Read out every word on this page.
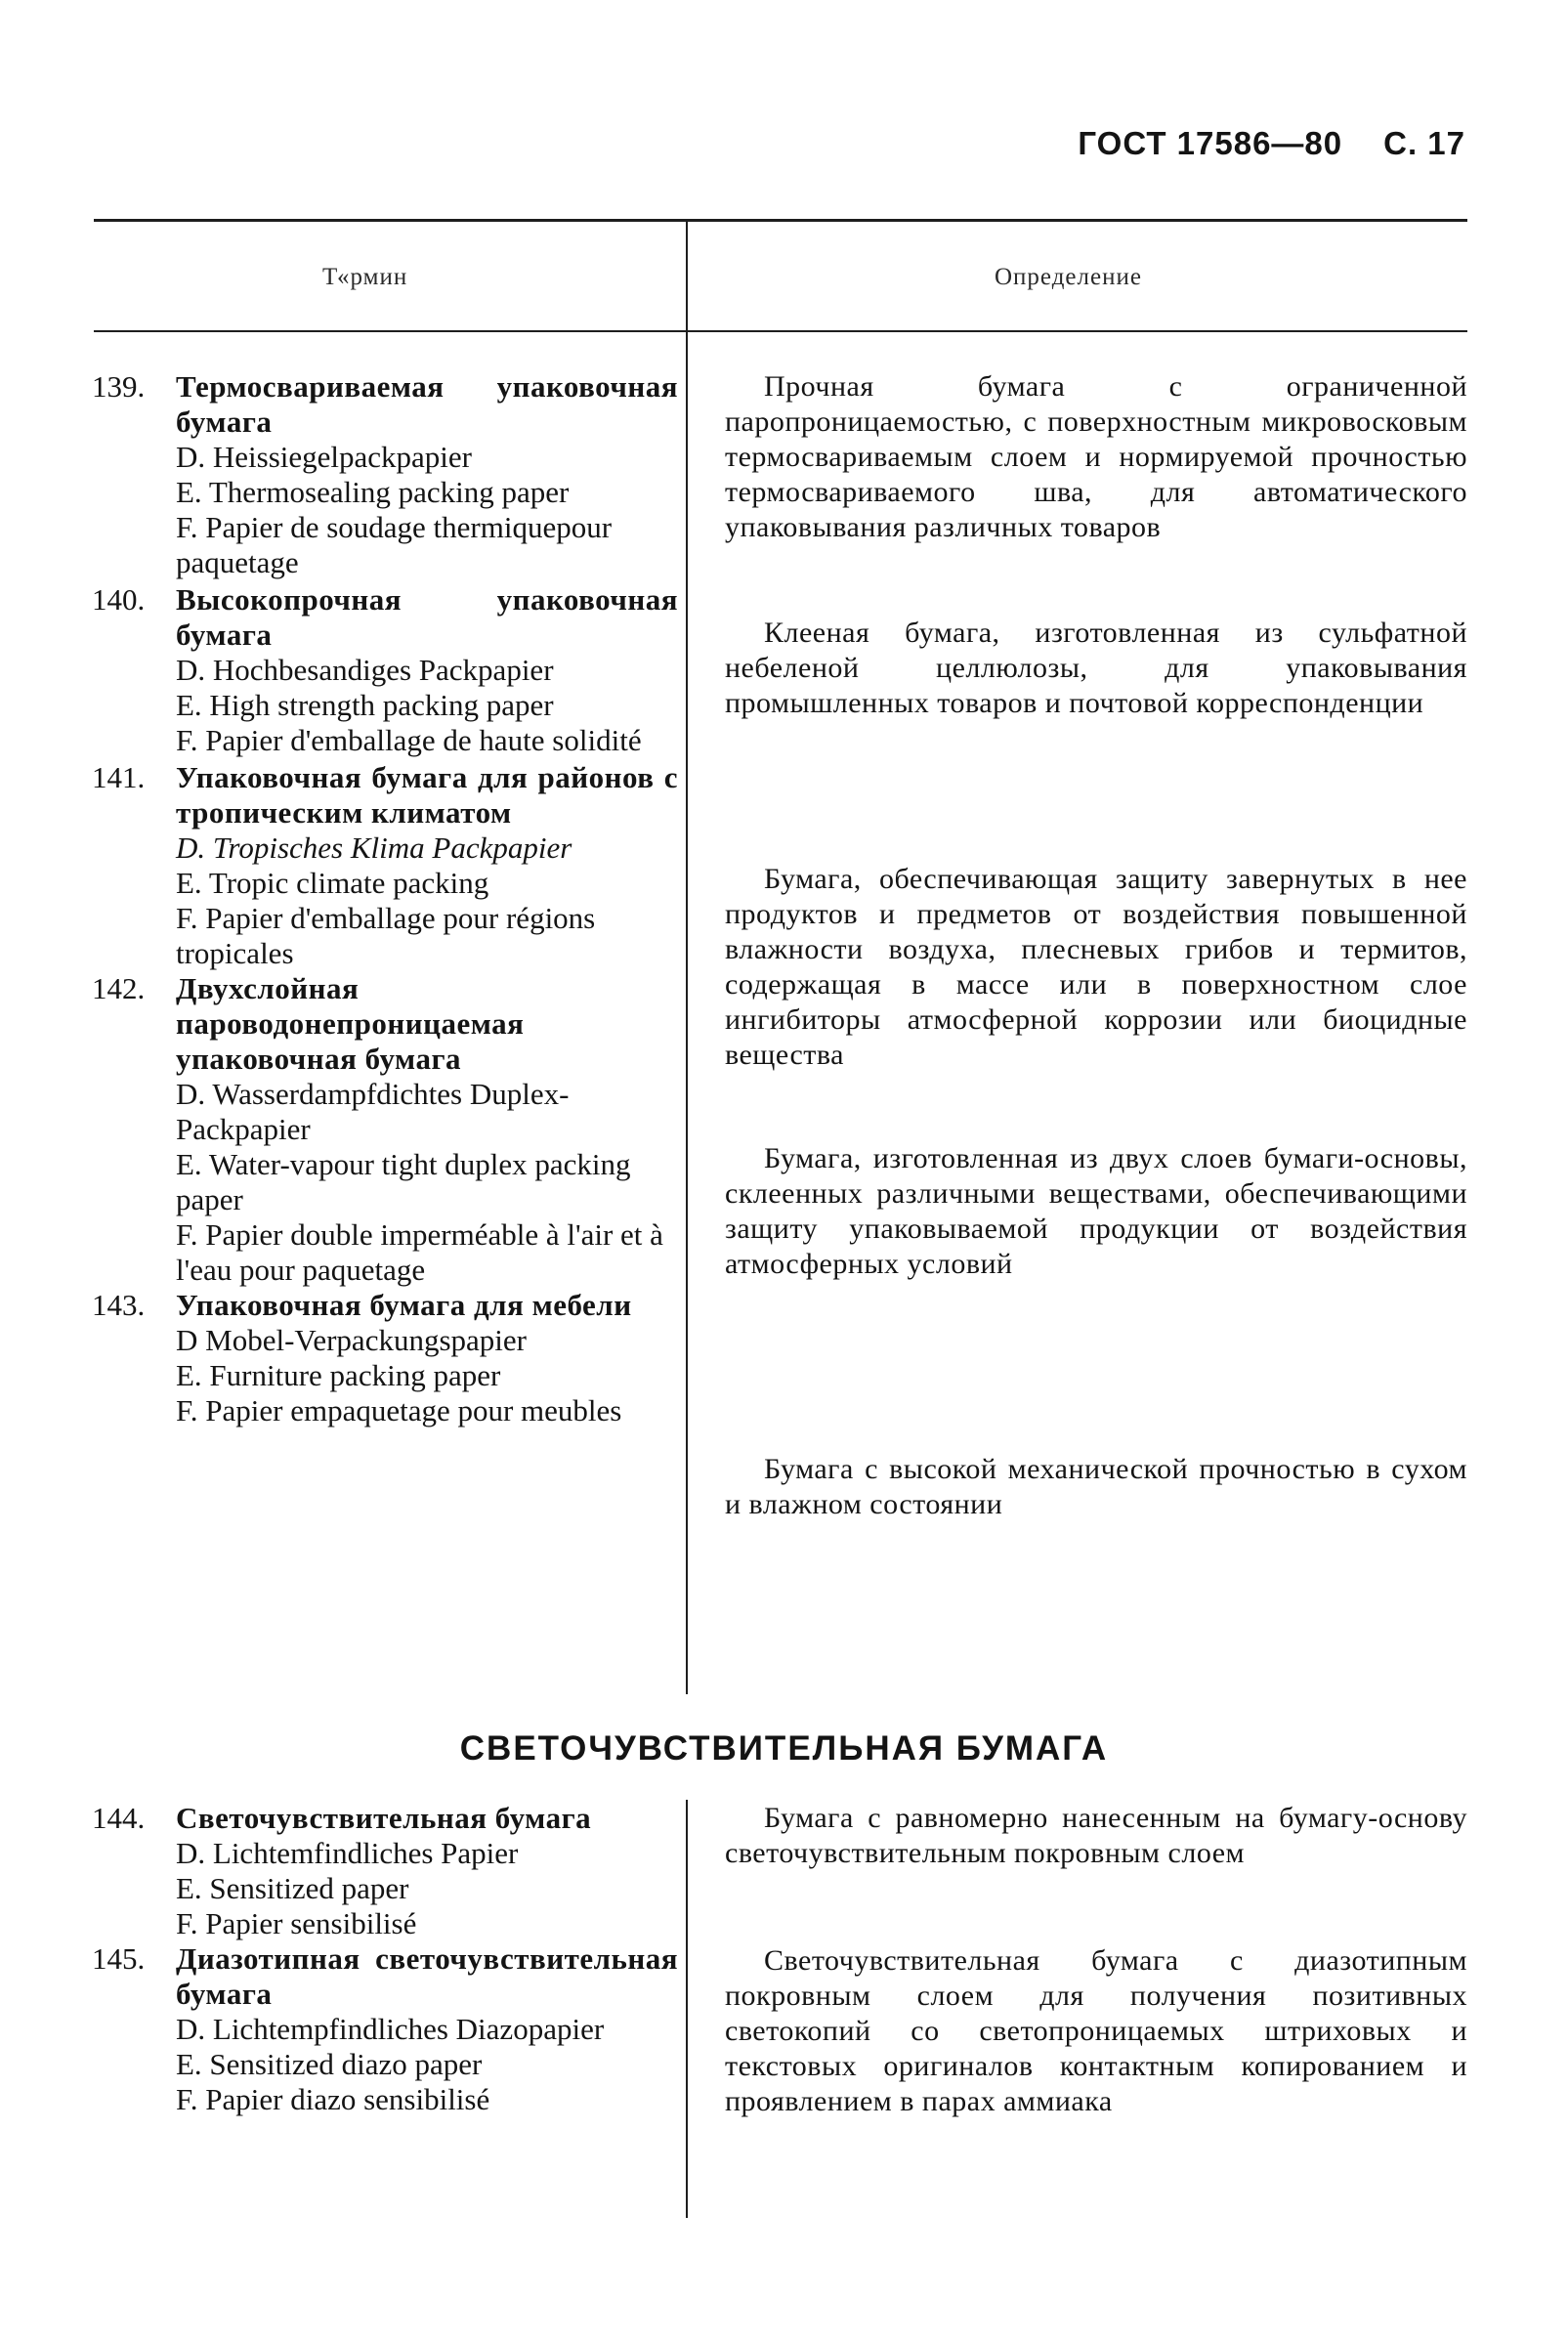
ГОСТ 17586—80 С. 17
Т«рмин	Определение
139. Термосвариваемая упаковочная бумага
D. Heissiegelpackpapier
E. Thermosealing packing paper
F. Papier de soudage thermiquepour paquetage
140. Высокопрочная упаковочная бумага
D. Hochbesandiges Packpapier
E. High strength packing paper
F. Papier d'emballage de haute solidité
141. Упаковочная бумага для районов с тропическим климатом
D. Tropisches Klima Packpapier
E. Tropic climate packing
F. Papier d'emballage pour régions tropicales
142. Двухслойная пароводонепроницаемая упаковочная бумага
D. Wasserdampfdichtes Duplex-Packpapier
E. Water-vapour tight duplex packing paper
F. Papier double imperméable à l'air et à l'eau pour paquetage
143. Упаковочная бумага для мебели
D Mobel-Verpackungspapier
E. Furniture packing paper
F. Papier empaquetage pour meubles
Прочная бумага с ограниченной паропроницаемостью, с поверхностным микровосковым термосвариваемым слоем и нормируемой прочностью термосвариваемого шва, для автоматического упаковывания различных товаров
Клееная бумага, изготовленная из сульфатной небеленой целлюлозы, для упаковывания промышленных товаров и почтовой корреспонденции
Бумага, обеспечивающая защиту завернутых в нее продуктов и предметов от воздействия повышенной влажности воздуха, плесневых грибов и термитов, содержащая в массе или в поверхностном слое ингибиторы атмосферной коррозии или биоцидные вещества
Бумага, изготовленная из двух слоев бумаги-основы, склеенных различными веществами, обеспечивающими защиту упаковываемой продукции от воздействия атмосферных условий
Бумага с высокой механической прочностью в сухом и влажном состоянии
СВЕТОЧУВСТВИТЕЛЬНАЯ БУМАГА
144. Светочувствительная бумага
D. Lichtemfindliches Papier
E. Sensitized paper
F. Papier sensibilisé
145. Диазотипная светочувствительная бумага
D. Lichtempfindliches Diazopapier
E. Sensitized diazo paper
F. Papier diazo sensibilisé
Бумага с равномерно нанесенным на бумагу-основу светочувствительным покровным слоем
Светочувствительная бумага с диазотипным покровным слоем для получения позитивных светокопий со светопроницаемых штриховых и текстовых оригиналов контактным копированием и проявлением в парах аммиака
